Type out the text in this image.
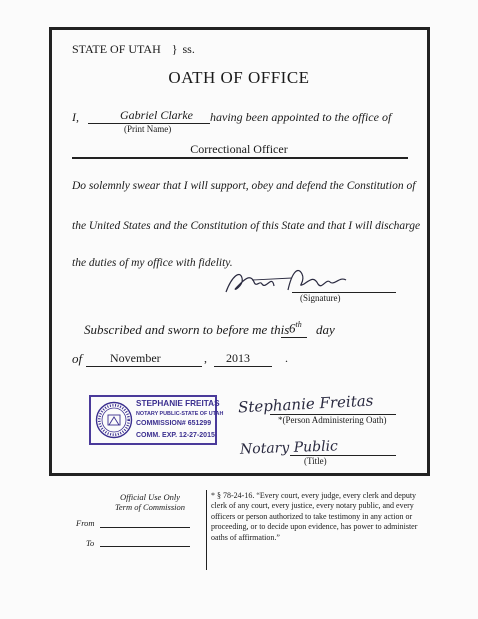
STATE OF UTAH } ss.
OATH OF OFFICE
I,	Gabriel Clarke
(Print Name)
having been appointed to the office of
Correctional Officer
Do solemnly swear that I will support, obey and defend the Constitution of
the United States and the Constitution of this State and that I will discharge
the duties of my office with fidelity.
(Signature)
Subscribed and sworn to before me this 6th day
of November	, 2013	.
STEPHANIE FREITAS
NOTARY PUBLIC-STATE OF UTAH
COMMISSION# 651299
COMM. EXP. 12-27-2015
Stephanie Freitas
*(Person Administering Oath)
Notary Public
(Title)
Official Use Only
Term of Commission
From
To
* § 78-24-16. “Every court, every judge, every clerk and deputy clerk of any court, every justice, every notary public, and every officers or person authorized to take testimony in any action or proceeding, or to decide upon evidence, has power to administer oaths of affirmation.”
